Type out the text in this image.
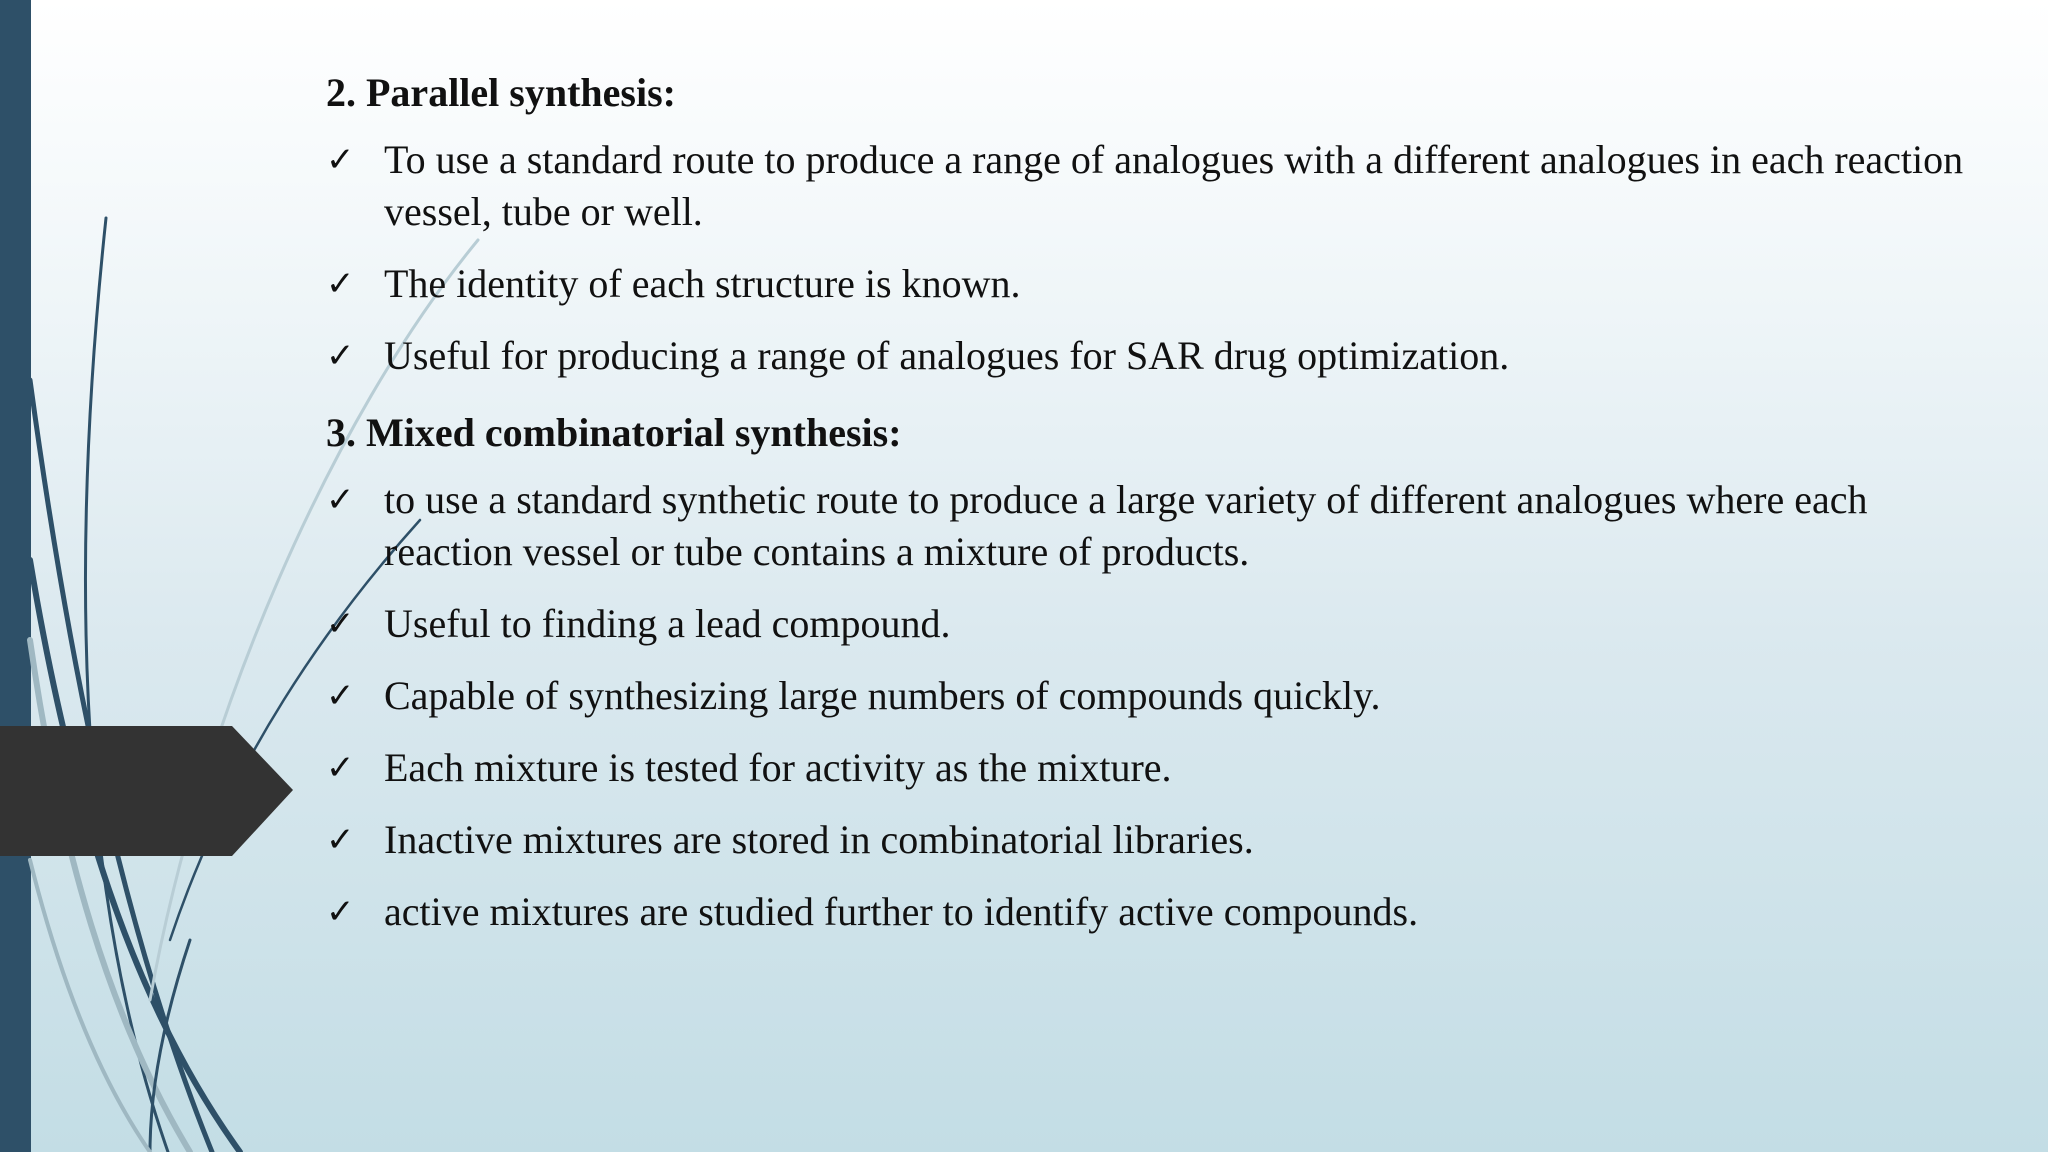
2. Parallel synthesis:
✓ To use a standard route to produce a range of analogues with a different analogues in each reaction vessel, tube or well.
✓ The identity of each structure is known.
✓ Useful for producing a range of analogues for SAR drug optimization.
3. Mixed combinatorial synthesis:
✓ to use a standard synthetic route to produce a large variety of different analogues where each reaction vessel or tube contains a mixture of products.
✓ Useful to finding a lead compound.
✓ Capable of synthesizing large numbers of compounds quickly.
✓ Each mixture is tested for activity as the mixture.
✓ Inactive mixtures are stored in combinatorial libraries.
✓ active mixtures are studied further to identify active compounds.
